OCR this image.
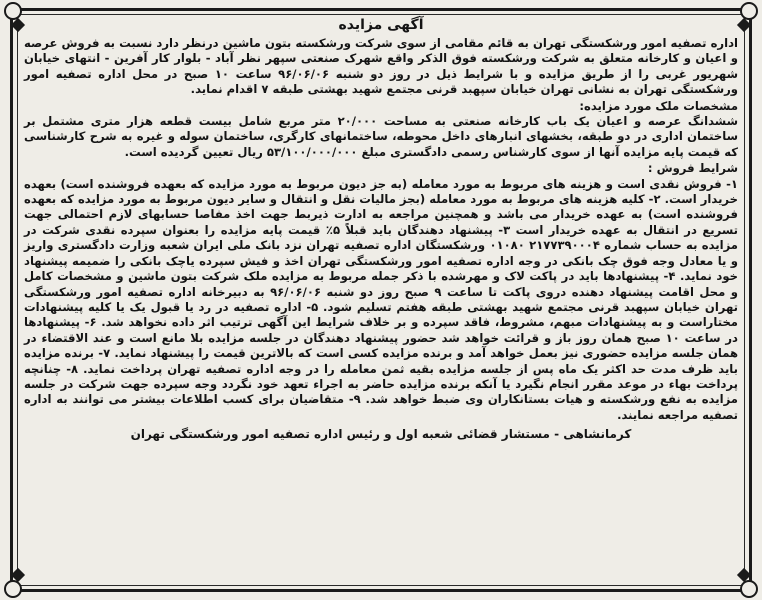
آگهی مزایده

اداره تصفیه امور ورشکستگی تهران به قائم مقامی از سوی شرکت ورشکسته بتون ماشین درنظر دارد نسبت به فروش عرصه و اعیان و کارخانه متعلق به شرکت ورشکسته فوق الذکر واقع شهرک صنعتی سپهر نظر آباد - بلوار کار آفرین - انتهای خیابان شهریور غربی را از طریق مزایده و با شرایط ذیل در روز دو شنبه ۹۶/۰۶/۰۶ ساعت ۱۰ صبح در محل اداره تصفیه امور ورشکستگی تهران به نشانی تهران خیابان سپهبد قرنی مجتمع شهید بهشتی طبقه ۷ اقدام نماید.

مشخصات ملک مورد مزایده:

ششدانگ عرصه و اعیان یک باب کارخانه صنعتی به مساحت ۲۰/۰۰۰ متر مربع شامل بیست قطعه هزار متری مشتمل بر ساختمان اداری در دو طبقه، بخشهای انبارهای داخل محوطه، ساختمانهای کارگری، ساختمان سوله و غیره به شرح کارشناسی که قیمت پایه مزایده آنها از سوی کارشناس رسمی دادگستری مبلغ ۵۳/۱۰۰/۰۰۰/۰۰۰ ریال تعیین گردیده است.

شرایط فروش :

۱- فروش نقدی است و هزینه های مربوط به مورد معامله (به جز دیون مربوط به مورد مزایده که بعهده فروشنده است) بعهده خریدار است. ۲- کلیه هزینه های مربوط به مورد معامله (بجز مالیات نقل و انتقال و سایر دیون مربوط به مورد مزایده که بعهده فروشنده است) به عهده خریدار می باشد و همچنین مراجعه به ادارت ذیربط جهت اخذ مفاصا حسابهای لازم احتمالی جهت تسریع در انتقال به عهده خریدار است ۳- پیشنهاد دهندگان باید قبلاً ۵٪ قیمت پایه مزایده را بعنوان سپرده نقدی شرکت در مزایده به حساب شماره ۲۱۷۷۳۹۰۰۰۴ ۰۱۰۸۰ ورشکستگان اداره تصفیه تهران نزد بانک ملی ایران شعبه وزارت دادگستری واریز و یا معادل وجه فوق چک بانکی در وجه اداره تصفیه امور ورشکستگی تهران اخذ و فیش سپرده یاچک بانکی را ضمیمه پیشنهاد خود نماید. ۴- پیشنهادها باید در پاکت لاک و مهرشده با ذکر جمله مربوط به مزایده ملک شرکت بتون ماشین و مشخصات کامل و محل اقامت پیشنهاد دهنده دروی پاکت تا ساعت ۹ صبح روز دو شنبه ۹۶/۰۶/۰۶ به دبیرخانه اداره تصفیه امور ورشکستگی تهران خیابان سپهبد قرنی مجتمع شهید بهشتی طبقه هفتم تسلیم شود. ۵- اداره تصفیه در رد یا قبول یک یا کلیه پیشنهادات مختاراست و به پیشنهادات مبهم، مشروط، فاقد سپرده و بر خلاف شرایط این آگهی ترتیب اثر داده نخواهد شد. ۶- پیشنهادها در ساعت ۱۰ صبح همان روز باز و قرائت خواهد شد حضور پیشنهاد دهندگان در جلسه مزایده بلا مانع است و عند الاقتضاء در همان جلسه مزایده حضوری نیز بعمل خواهد آمد و برنده مزایده کسی است که بالاترین قیمت را پیشنهاد نماید. ۷- برنده مزایده باید ظرف مدت حد اکثر یک ماه پس از جلسه مزایده بقیه ثمن معامله را در وجه اداره تصفیه تهران پرداخت نماید. ۸- چنانچه پرداخت بهاء در موعد مقرر انجام نگیرد یا آنکه برنده مزایده حاضر به اجراء تعهد خود نگردد وجه سپرده جهت شرکت در جلسه مزایده به نفع ورشکسته و هیات بستانکاران وی ضبط خواهد شد. ۹- متقاضیان برای کسب اطلاعات بیشتر می توانند به اداره تصفیه مراجعه نمایند.

کرمانشاهی - مستشار قضائی شعبه اول و رئیس اداره تصفیه امور ورشکستگی تهران
